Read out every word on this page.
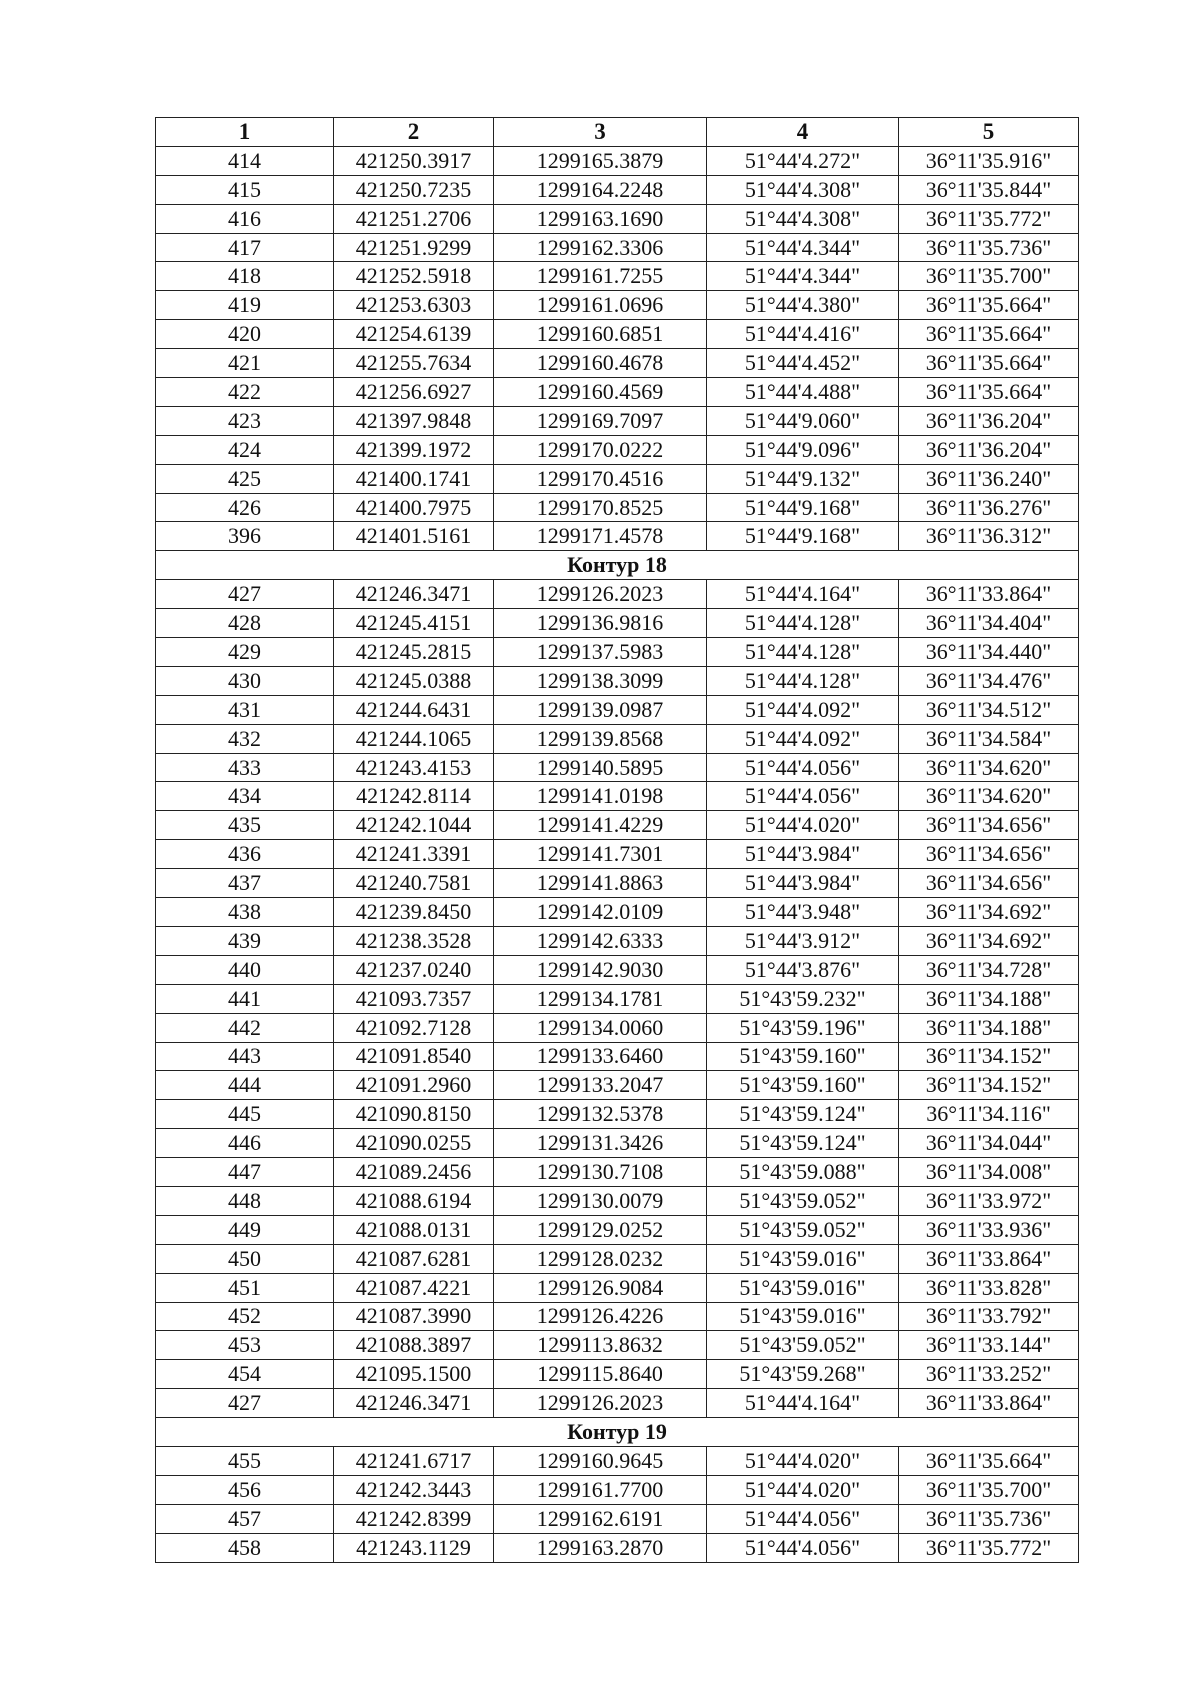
1	2	3	4	5
414	421250.3917	1299165.3879	51°44'4.272"	36°11'35.916"
415	421250.7235	1299164.2248	51°44'4.308"	36°11'35.844"
416	421251.2706	1299163.1690	51°44'4.308"	36°11'35.772"
417	421251.9299	1299162.3306	51°44'4.344"	36°11'35.736"
418	421252.5918	1299161.7255	51°44'4.344"	36°11'35.700"
419	421253.6303	1299161.0696	51°44'4.380"	36°11'35.664"
420	421254.6139	1299160.6851	51°44'4.416"	36°11'35.664"
421	421255.7634	1299160.4678	51°44'4.452"	36°11'35.664"
422	421256.6927	1299160.4569	51°44'4.488"	36°11'35.664"
423	421397.9848	1299169.7097	51°44'9.060"	36°11'36.204"
424	421399.1972	1299170.0222	51°44'9.096"	36°11'36.204"
425	421400.1741	1299170.4516	51°44'9.132"	36°11'36.240"
426	421400.7975	1299170.8525	51°44'9.168"	36°11'36.276"
396	421401.5161	1299171.4578	51°44'9.168"	36°11'36.312"
Контур 18				
427	421246.3471	1299126.2023	51°44'4.164"	36°11'33.864"
428	421245.4151	1299136.9816	51°44'4.128"	36°11'34.404"
429	421245.2815	1299137.5983	51°44'4.128"	36°11'34.440"
430	421245.0388	1299138.3099	51°44'4.128"	36°11'34.476"
431	421244.6431	1299139.0987	51°44'4.092"	36°11'34.512"
432	421244.1065	1299139.8568	51°44'4.092"	36°11'34.584"
433	421243.4153	1299140.5895	51°44'4.056"	36°11'34.620"
434	421242.8114	1299141.0198	51°44'4.056"	36°11'34.620"
435	421242.1044	1299141.4229	51°44'4.020"	36°11'34.656"
436	421241.3391	1299141.7301	51°44'3.984"	36°11'34.656"
437	421240.7581	1299141.8863	51°44'3.984"	36°11'34.656"
438	421239.8450	1299142.0109	51°44'3.948"	36°11'34.692"
439	421238.3528	1299142.6333	51°44'3.912"	36°11'34.692"
440	421237.0240	1299142.9030	51°44'3.876"	36°11'34.728"
441	421093.7357	1299134.1781	51°43'59.232"	36°11'34.188"
442	421092.7128	1299134.0060	51°43'59.196"	36°11'34.188"
443	421091.8540	1299133.6460	51°43'59.160"	36°11'34.152"
444	421091.2960	1299133.2047	51°43'59.160"	36°11'34.152"
445	421090.8150	1299132.5378	51°43'59.124"	36°11'34.116"
446	421090.0255	1299131.3426	51°43'59.124"	36°11'34.044"
447	421089.2456	1299130.7108	51°43'59.088"	36°11'34.008"
448	421088.6194	1299130.0079	51°43'59.052"	36°11'33.972"
449	421088.0131	1299129.0252	51°43'59.052"	36°11'33.936"
450	421087.6281	1299128.0232	51°43'59.016"	36°11'33.864"
451	421087.4221	1299126.9084	51°43'59.016"	36°11'33.828"
452	421087.3990	1299126.4226	51°43'59.016"	36°11'33.792"
453	421088.3897	1299113.8632	51°43'59.052"	36°11'33.144"
454	421095.1500	1299115.8640	51°43'59.268"	36°11'33.252"
427	421246.3471	1299126.2023	51°44'4.164"	36°11'33.864"
Контур 19				
455	421241.6717	1299160.9645	51°44'4.020"	36°11'35.664"
456	421242.3443	1299161.7700	51°44'4.020"	36°11'35.700"
457	421242.8399	1299162.6191	51°44'4.056"	36°11'35.736"
458	421243.1129	1299163.2870	51°44'4.056"	36°11'35.772"
